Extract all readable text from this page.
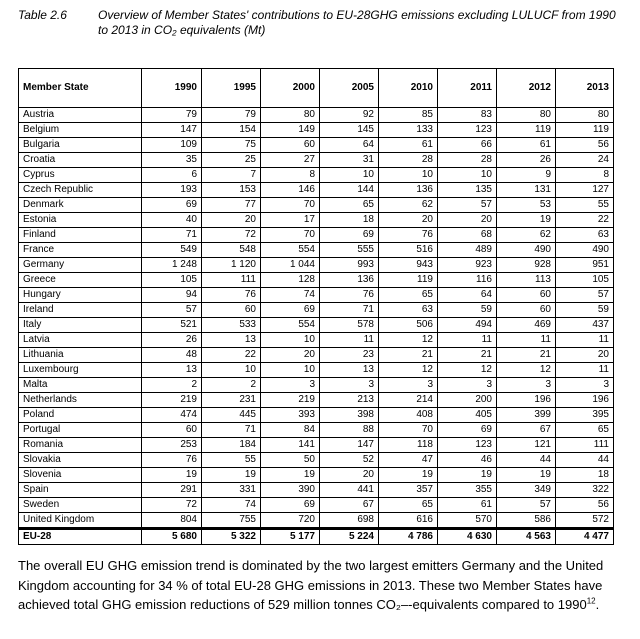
Table 2.6	Overview of Member States' contributions to EU-28GHG emissions excluding LULUCF from 1990 to 2013 in CO₂ equivalents (Mt)
Member State	1990	1995	2000	2005	2010	2011	2012	2013
Austria	79	79	80	92	85	83	80	80
Belgium	147	154	149	145	133	123	119	119
Bulgaria	109	75	60	64	61	66	61	56
Croatia	35	25	27	31	28	28	26	24
Cyprus	6	7	8	10	10	10	9	8
Czech Republic	193	153	146	144	136	135	131	127
Denmark	69	77	70	65	62	57	53	55
Estonia	40	20	17	18	20	20	19	22
Finland	71	72	70	69	76	68	62	63
France	549	548	554	555	516	489	490	490
Germany	1 248	1 120	1 044	993	943	923	928	951
Greece	105	111	128	136	119	116	113	105
Hungary	94	76	74	76	65	64	60	57
Ireland	57	60	69	71	63	59	60	59
Italy	521	533	554	578	506	494	469	437
Latvia	26	13	10	11	12	11	11	11
Lithuania	48	22	20	23	21	21	21	20
Luxembourg	13	10	10	13	12	12	12	11
Malta	2	2	3	3	3	3	3	3
Netherlands	219	231	219	213	214	200	196	196
Poland	474	445	393	398	408	405	399	395
Portugal	60	71	84	88	70	69	67	65
Romania	253	184	141	147	118	123	121	111
Slovakia	76	55	50	52	47	46	44	44
Slovenia	19	19	19	20	19	19	19	18
Spain	291	331	390	441	357	355	349	322
Sweden	72	74	69	67	65	61	57	56
United Kingdom	804	755	720	698	616	570	586	572
EU-28	5 680	5 322	5 177	5 224	4 786	4 630	4 563	4 477
The overall EU GHG emission trend is dominated by the two largest emitters Germany and the United Kingdom accounting for 34 % of total EU-28 GHG emissions in 2013. These two Member States have achieved total GHG emission reductions of 529 million tonnes CO₂–-equivalents compared to 1990$^{12}$.
